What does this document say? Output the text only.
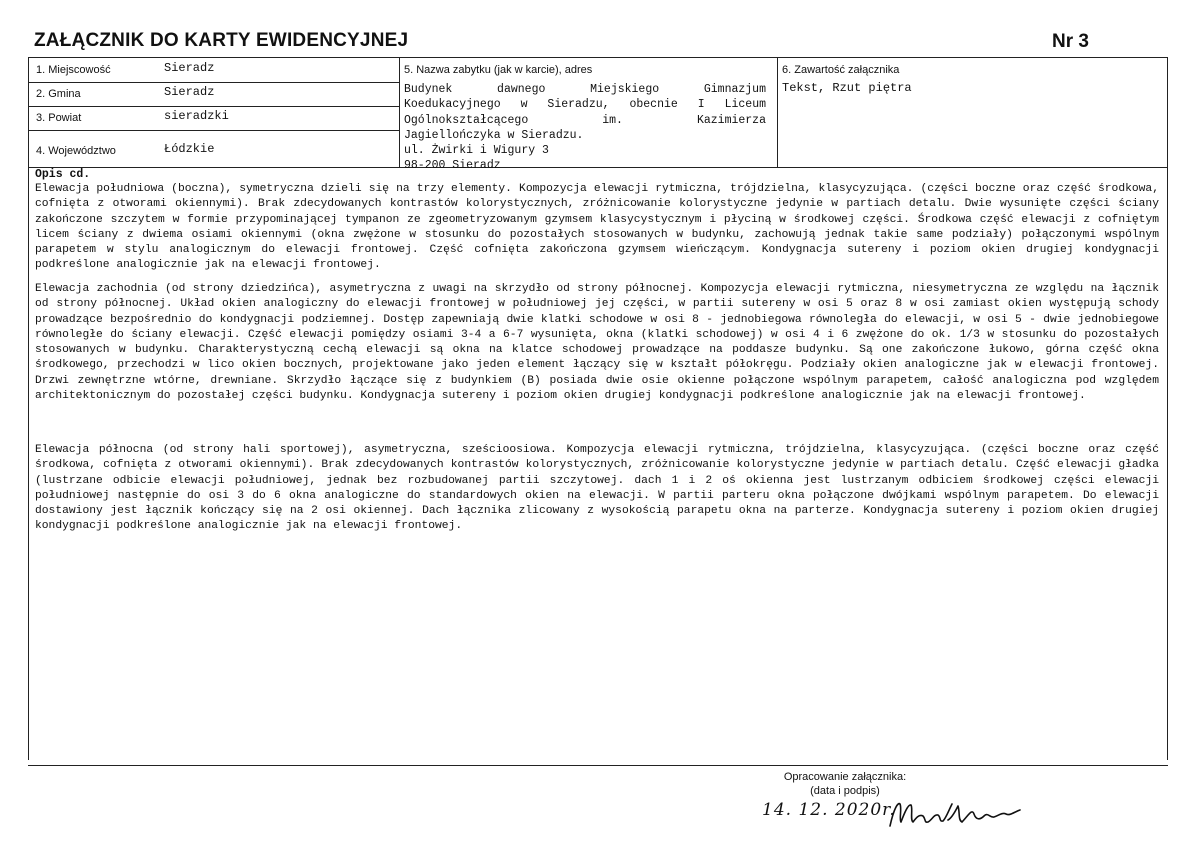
ZAŁĄCZNIK DO KARTY EWIDENCYJNEJ	Nr 3
1. Miejscowość	Sieradz
2. Gmina	Sieradz
3. Powiat	sieradzki
4. Województwo	Łódzkie
5. Nazwa zabytku (jak w karcie), adres
Budynek dawnego Miejskiego Gimnazjum
Koedukacyjnego w Sieradzu, obecnie I Liceum
Ogólnokształcącego im. Kazimierza
Jagiellończyka w Sieradzu.
ul. Żwirki i Wigury 3
98-200 Sieradz
6. Zawartość załącznika
Tekst, Rzut piętra
Opis cd.
Elewacja południowa (boczna), symetryczna dzieli się na trzy elementy. Kompozycja elewacji rytmiczna, trójdzielna, klasycyzująca. (części boczne oraz część środkowa, cofnięta z otworami okiennymi). Brak zdecydowanych kontrastów kolorystycznych, zróżnicowanie kolorystyczne jedynie w partiach detalu. Dwie wysunięte części ściany zakończone szczytem w formie przypominającej tympanon ze zgeometryzowanym gzymsem klasycystycznym i płyciną w środkowej części. Środkowa część elewacji z cofniętym licem ściany z dwiema osiami okiennymi (okna zwężone w stosunku do pozostałych stosowanych w budynku, zachowują jednak takie same podziały) połączonymi wspólnym parapetem w stylu analogicznym do elewacji frontowej. Część cofnięta zakończona gzymsem wieńczącym. Kondygnacja sutereny i poziom okien drugiej kondygnacji podkreślone analogicznie jak na elewacji frontowej.
Elewacja zachodnia (od strony dziedzińca), asymetryczna z uwagi na skrzydło od strony północnej. Kompozycja elewacji rytmiczna, niesymetryczna ze względu na łącznik od strony północnej. Układ okien analogiczny do elewacji frontowej w południowej jej części, w partii sutereny w osi 5 oraz 8 w osi zamiast okien występują schody prowadzące bezpośrednio do kondygnacji podziemnej. Dostęp zapewniają dwie klatki schodowe w osi 8 - jednobiegowa równoległa do elewacji, w osi 5 - dwie jednobiegowe równoległe do ściany elewacji. Część elewacji pomiędzy osiami 3-4 a 6-7 wysunięta, okna (klatki schodowej) w osi 4 i 6 zwężone do ok. 1/3 w stosunku do pozostałych stosowanych w budynku. Charakterystyczną cechą elewacji są okna na klatce schodowej prowadzące na poddasze budynku. Są one zakończone łukowo, górna część okna środkowego, przechodzi w lico okien bocznych, projektowane jako jeden element łączący się w kształt półokręgu. Podziały okien analogiczne jak w elewacji frontowej. Drzwi zewnętrzne wtórne, drewniane. Skrzydło łączące się z budynkiem (B) posiada dwie osie okienne połączone wspólnym parapetem, całość analogiczna pod względem architektonicznym do pozostałej części budynku. Kondygnacja sutereny i poziom okien drugiej kondygnacji podkreślone analogicznie jak na elewacji frontowej.
Elewacja północna (od strony hali sportowej), asymetryczna, sześcioosiowa. Kompozycja elewacji rytmiczna, trójdzielna, klasycyzująca. (części boczne oraz część środkowa, cofnięta z otworami okiennymi). Brak zdecydowanych kontrastów kolorystycznych, zróżnicowanie kolorystyczne jedynie w partiach detalu. Część elewacji gładka (lustrzane odbicie elewacji południowej, jednak bez rozbudowanej partii szczytowej. dach 1 i 2 oś okienna jest lustrzanym odbiciem środkowej części elewacji południowej następnie do osi 3 do 6 okna analogiczne do standardowych okien na elewacji. W partii parteru okna połączone dwójkami wspólnym parapetem. Do elewacji dostawiony jest łącznik kończący się na 2 osi okiennej. Dach łącznika zlicowany z wysokością parapetu okna na parterze. Kondygnacja sutereny i poziom okien drugiej kondygnacji podkreślone analogicznie jak na elewacji frontowej.
Opracowanie załącznika:
(data i podpis)
14. 12. 2020r.
